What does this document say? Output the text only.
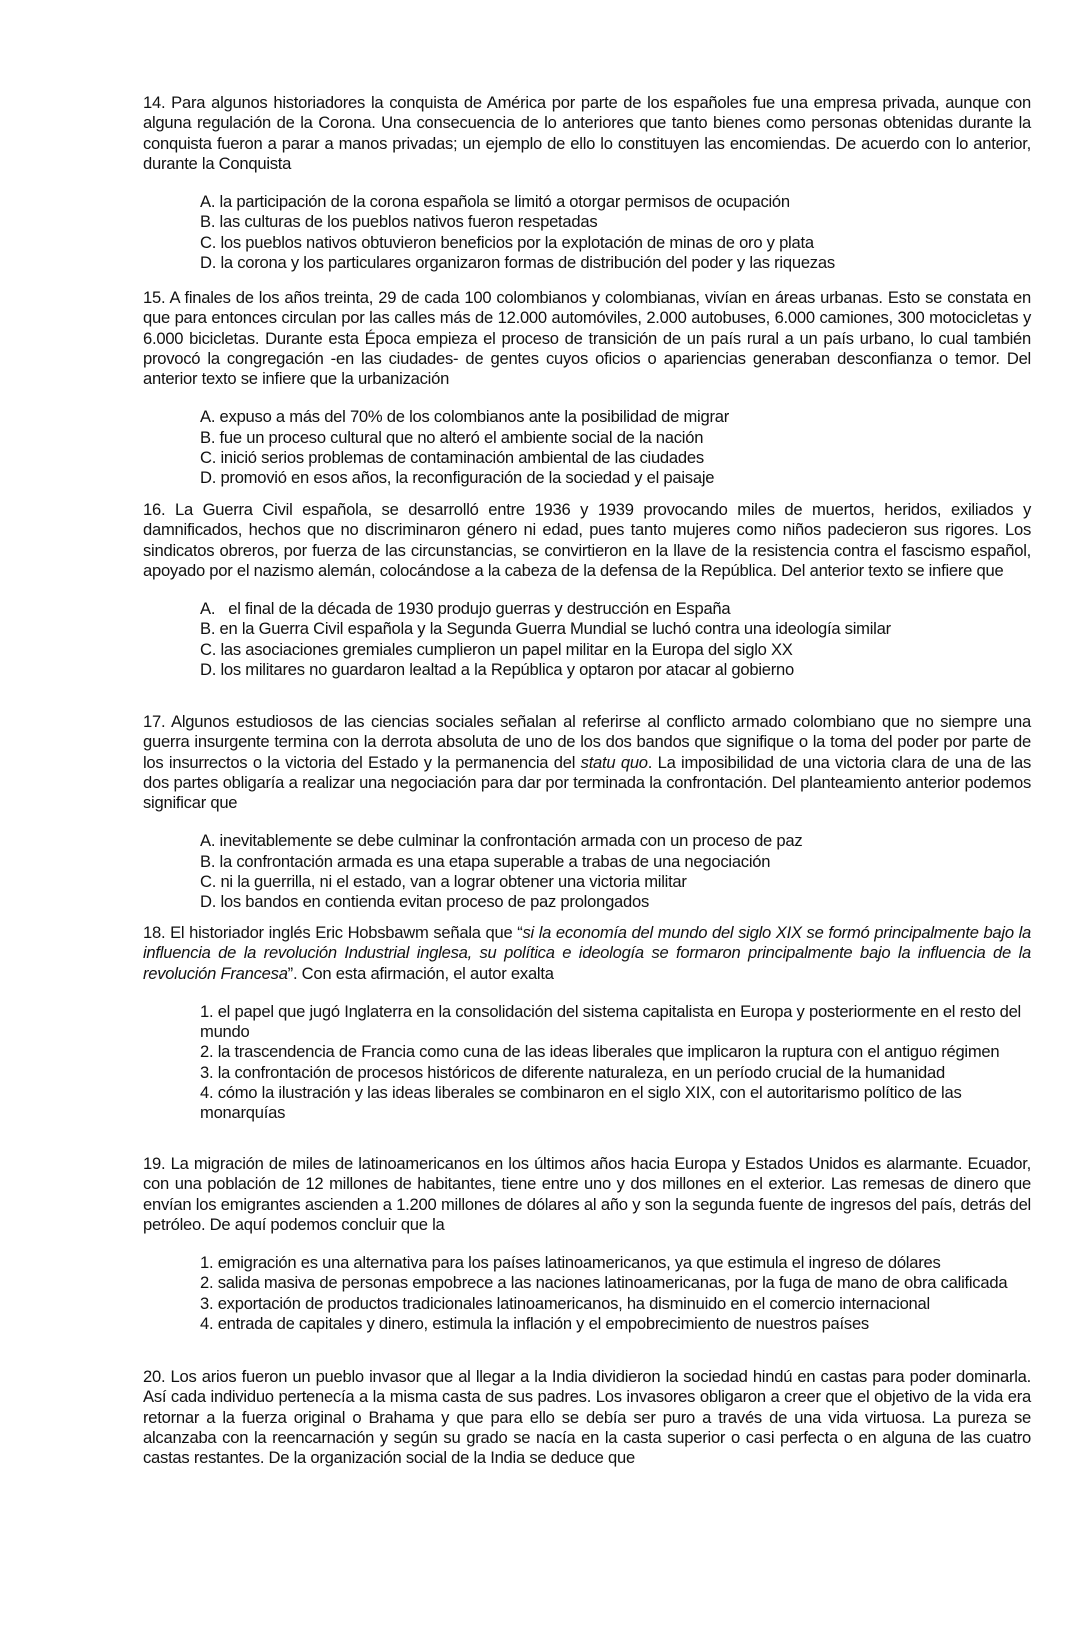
14. Para algunos historiadores la conquista de América por parte de los españoles fue una empresa privada, aunque con alguna regulación de la Corona. Una consecuencia de lo anteriores que tanto bienes como personas obtenidas durante la conquista fueron a parar a manos privadas; un ejemplo de ello lo constituyen las encomiendas. De acuerdo con lo anterior, durante la Conquista

A. la participación de la corona española se limitó a otorgar permisos de ocupación
B. las culturas de los pueblos nativos fueron respetadas
C. los pueblos nativos obtuvieron beneficios por la explotación de minas de oro y plata
D. la corona y los particulares organizaron formas de distribución del poder y las riquezas

15. A finales de los años treinta, 29 de cada 100 colombianos y colombianas, vivían en áreas urbanas. Esto se constata en que para entonces circulan por las calles más de 12.000 automóviles, 2.000 autobuses, 6.000 camiones, 300 motocicletas y 6.000 bicicletas. Durante esta Época empieza el proceso de transición de un país rural a un país urbano, lo cual también provocó la congregación -en las ciudades- de gentes cuyos oficios o apariencias generaban desconfianza o temor. Del anterior texto se infiere que la urbanización

A. expuso a más del 70% de los colombianos ante la posibilidad de migrar
B. fue un proceso cultural que no alteró el ambiente social de la nación
C. inició serios problemas de contaminación ambiental de las ciudades
D. promovió en esos años, la reconfiguración de la sociedad y el paisaje

16. La Guerra Civil española, se desarrolló entre 1936 y 1939 provocando miles de muertos, heridos, exiliados y damnificados, hechos que no discriminaron género ni edad, pues tanto mujeres como niños padecieron sus rigores. Los sindicatos obreros, por fuerza de las circunstancias, se convirtieron en la llave de la resistencia contra el fascismo español, apoyado por el nazismo alemán, colocándose a la cabeza de la defensa de la República. Del anterior texto se infiere que

A.   el final de la década de 1930 produjo guerras y destrucción en España
B. en la Guerra Civil española y la Segunda Guerra Mundial se luchó contra una ideología similar
C. las asociaciones gremiales cumplieron un papel militar en la Europa del siglo XX
D. los militares no guardaron lealtad a la República y optaron por atacar al gobierno

17. Algunos estudiosos de las ciencias sociales señalan al referirse al conflicto armado colombiano que no siempre una guerra insurgente termina con la derrota absoluta de uno de los dos bandos que signifique o la toma del poder por parte de los insurrectos o la victoria del Estado y la permanencia del statu quo. La imposibilidad de una victoria clara de una de las dos partes obligaría a realizar una negociación para dar por terminada la confrontación. Del planteamiento anterior podemos significar que

A. inevitablemente se debe culminar la confrontación armada con un proceso de paz
B. la confrontación armada es una etapa superable a trabas de una negociación
C. ni la guerrilla, ni el estado, van a lograr obtener una victoria militar
D. los bandos en contienda evitan proceso de paz prolongados

18. El historiador inglés Eric Hobsbawm señala que “si la economía del mundo del siglo XIX se formó principalmente bajo la influencia de la revolución Industrial inglesa, su política e ideología se formaron principalmente bajo la influencia de la revolución Francesa”. Con esta afirmación, el autor exalta

1. el papel que jugó Inglaterra en la consolidación del sistema capitalista en Europa y posteriormente en el resto del mundo
2. la trascendencia de Francia como cuna de las ideas liberales que implicaron la ruptura con el antiguo régimen
3. la confrontación de procesos históricos de diferente naturaleza, en un período crucial de la humanidad
4. cómo la ilustración y las ideas liberales se combinaron en el siglo XIX, con el autoritarismo político de las monarquías

19. La migración de miles de latinoamericanos en los últimos años hacia Europa y Estados Unidos es alarmante. Ecuador, con una población de 12 millones de habitantes, tiene entre uno y dos millones en el exterior. Las remesas de dinero que envían los emigrantes ascienden a 1.200 millones de dólares al año y son la segunda fuente de ingresos del país, detrás del petróleo. De aquí podemos concluir que la

1. emigración es una alternativa para los países latinoamericanos, ya que estimula el ingreso de dólares
2. salida masiva de personas empobrece a las naciones latinoamericanas, por la fuga de mano de obra calificada
3. exportación de productos tradicionales latinoamericanos, ha disminuido en el comercio internacional
4. entrada de capitales y dinero, estimula la inflación y el empobrecimiento de nuestros países

20. Los arios fueron un pueblo invasor que al llegar a la India dividieron la sociedad hindú en castas para poder dominarla. Así cada individuo pertenecía a la misma casta de sus padres. Los invasores obligaron a creer que el objetivo de la vida era retornar a la fuerza original o Brahama y que para ello se debía ser puro a través de una vida virtuosa. La pureza se alcanzaba con la reencarnación y según su grado se nacía en la casta superior o casi perfecta o en alguna de las cuatro castas restantes. De la organización social de la India se deduce que
